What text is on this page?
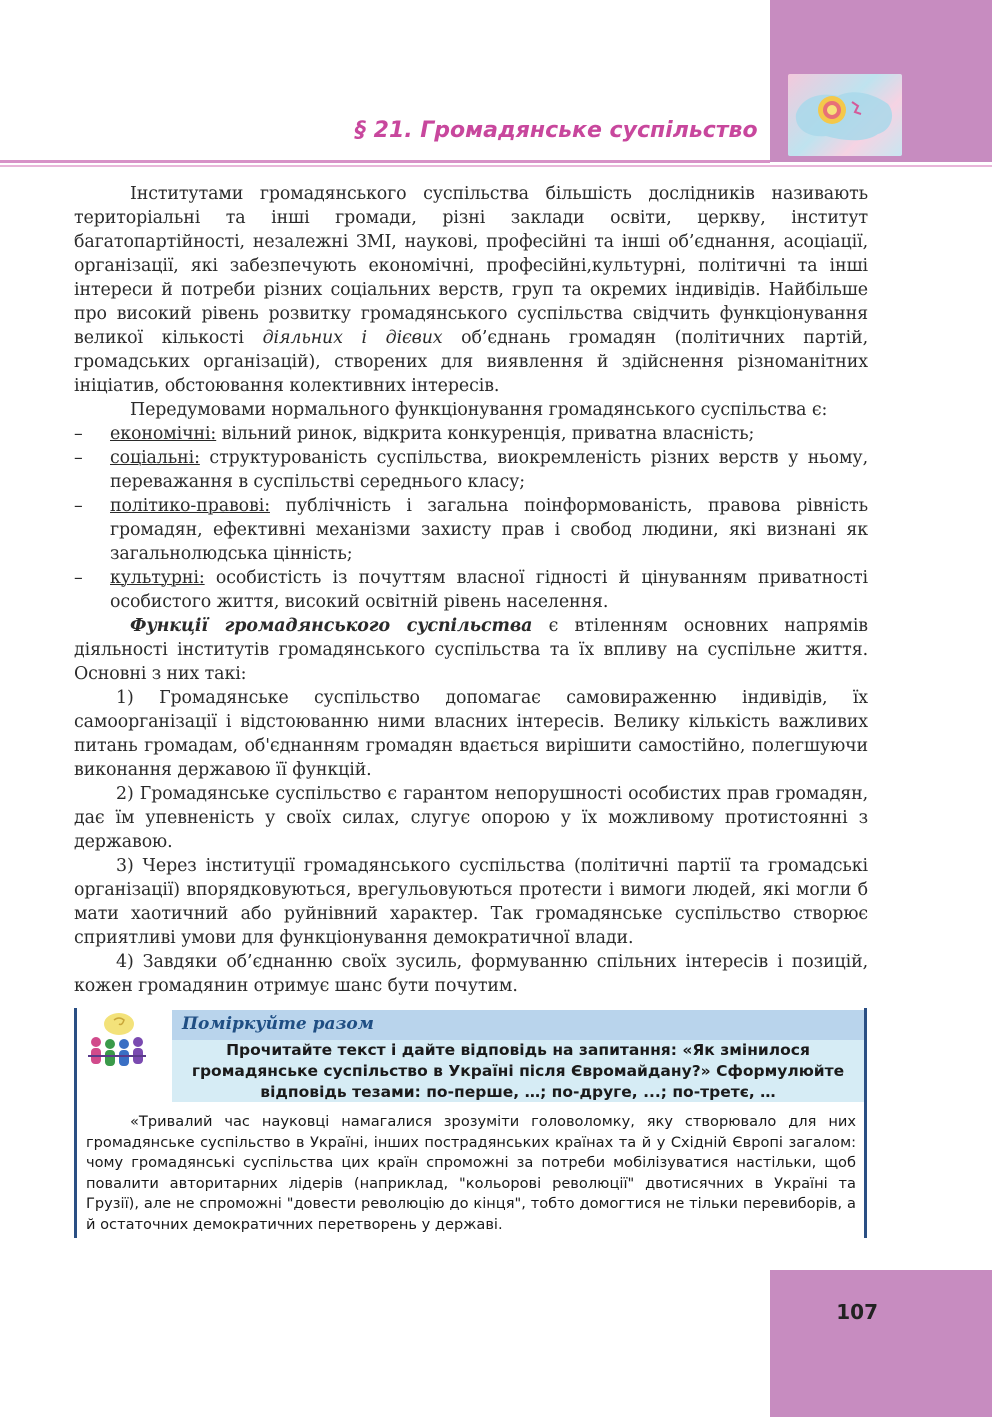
§ 21. Громадянське суспільство

Інститутами громадянського суспільства більшість дослідників називають територіальні та інші громади, різні заклади освіти, церкву, інститут багатопартійності, незалежні ЗМІ, наукові, професійні та інші об’єднання, асоціації, організації, які забезпечують економічні, професійні,культурні, політичні та інші інтереси й потреби різних соціальних верств, груп та окремих індивідів. Найбільше про високий рівень розвитку громадянського суспільства свідчить функціонування великої кількості діяльних і дієвих об’єднань громадян (політичних партій, громадських організацій), створених для виявлення й здійснення різноманітних ініціатив, обстоювання колективних інтересів.

Передумовами нормального функціонування громадянського суспільства є:

– економічні: вільний ринок, відкрита конкуренція, приватна власність;
– соціальні: структурованість суспільства, виокремленість різних верств у ньому, переважання в суспільстві середнього класу;
– політико-правові: публічність і загальна поінформованість, правова рівність громадян, ефективні механізми захисту прав і свобод людини, які визнані як загальнолюдська цінність;
– культурні: особистість із почуттям власної гідності й цінуванням приватності особистого життя, високий освітній рівень населення.

Функції громадянського суспільства є втіленням основних напрямів діяльності інститутів громадянського суспільства та їх впливу на суспільне життя. Основні з них такі:

1) Громадянське суспільство допомагає самовираженню індивідів, їх самоорганізації і відстоюванню ними власних інтересів. Велику кількість важливих питань громадам, об'єднанням громадян вдається вирішити самостійно, полегшуючи виконання державою її функцій.

2) Громадянське суспільство є гарантом непорушності особистих прав громадян, дає їм упевненість у своїх силах, слугує опорою у їх можливому протистоянні з державою.

3) Через інституції громадянського суспільства (політичні партії та громадські організації) впорядковуються, врегульовуються протести і вимоги людей, які могли б мати хаотичний або руйнівний характер. Так громадянське суспільство створює сприятливі умови для функціонування демократичної влади.

4) Завдяки об’єднанню своїх зусиль, формуванню спільних інтересів і позицій, кожен громадянин отримує шанс бути почутим.

Поміркуйте разом
Прочитайте текст і дайте відповідь на запитання: «Як змінилося громадянське суспільство в Україні після Євромайдану?» Сформулюйте відповідь тезами: по-перше, …; по-друге, ...; по-третє, …

«Тривалий час науковці намагалися зрозуміти головоломку, яку створювало для них громадянське суспільство в Україні, інших пострадянських країнах та й у Східній Європі загалом: чому громадянські суспільства цих країн спроможні за потреби мобілізуватися настільки, щоб повалити авторитарних лідерів (наприклад, "кольорові революції" двотисячних в Україні та Грузії), але не спроможні "довести революцію до кінця", тобто домогтися не тільки перевиборів, а й остаточних демократичних перетворень у державі.

107
